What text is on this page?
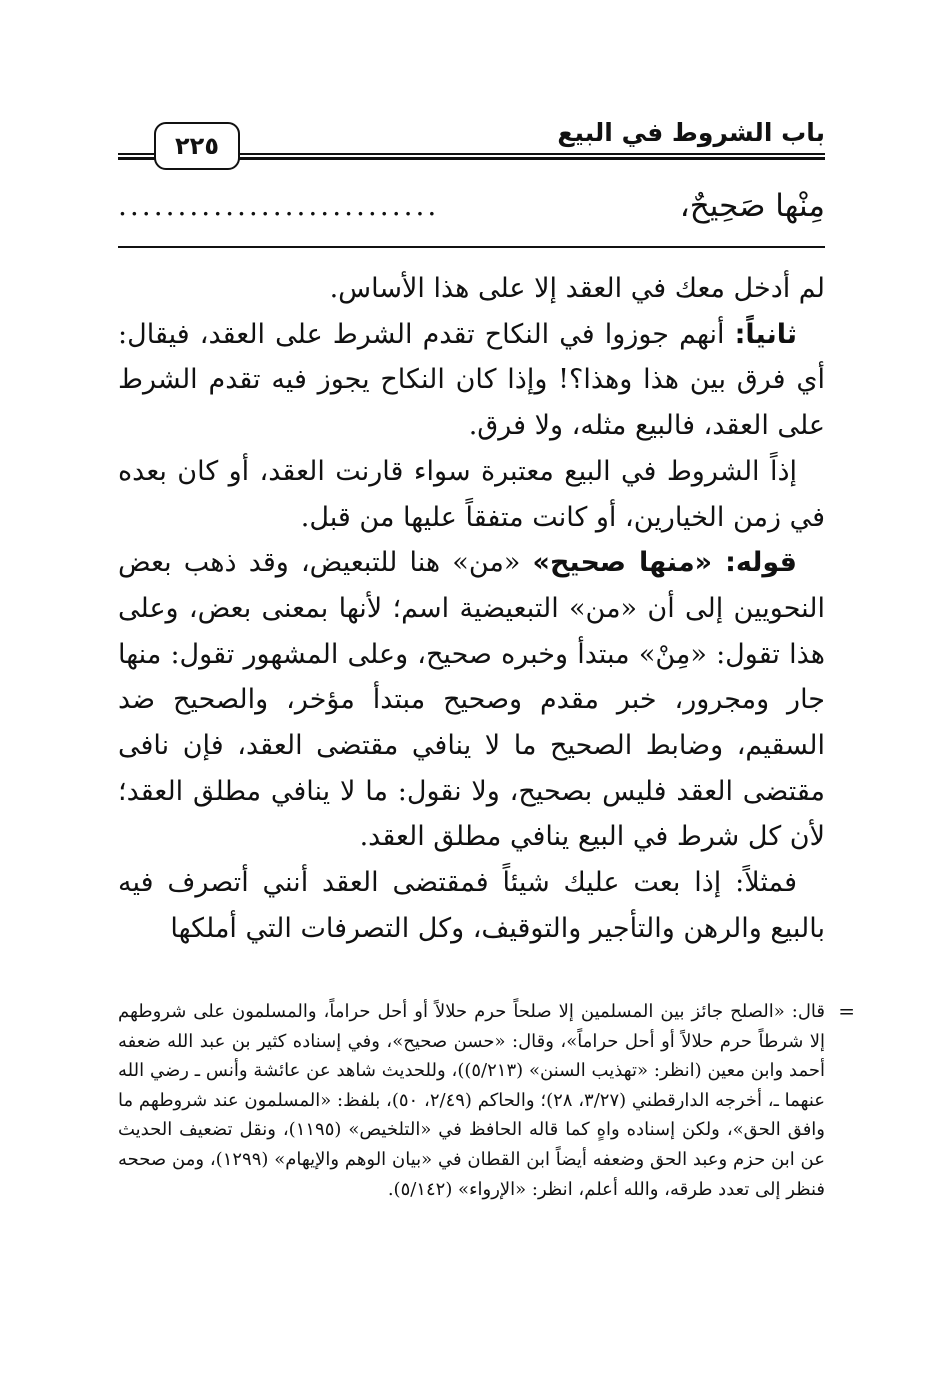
باب الشروط في البيع
٢٢٥
مِنْها صَحِيحٌ،
...........................

لم أدخل معك في العقد إلا على هذا الأساس.

ثانياً: أنهم جوزوا في النكاح تقدم الشرط على العقد، فيقال: أي فرق بين هذا وهذا؟! وإذا كان النكاح يجوز فيه تقدم الشرط على العقد، فالبيع مثله، ولا فرق.

إذاً الشروط في البيع معتبرة سواء قارنت العقد، أو كان بعده في زمن الخيارين، أو كانت متفقاً عليها من قبل.

قوله: «منها صحيح» «من» هنا للتبعيض، وقد ذهب بعض النحويين إلى أن «من» التبعيضية اسم؛ لأنها بمعنى بعض، وعلى هذا تقول: «مِنْ» مبتدأ وخبره صحيح، وعلى المشهور تقول: منها جار ومجرور، خبر مقدم وصحيح مبتدأ مؤخر، والصحيح ضد السقيم، وضابط الصحيح ما لا ينافي مقتضى العقد، فإن نافى مقتضى العقد فليس بصحيح، ولا نقول: ما لا ينافي مطلق العقد؛ لأن كل شرط في البيع ينافي مطلق العقد.

فمثلاً: إذا بعت عليك شيئاً فمقتضى العقد أنني أتصرف فيه بالبيع والرهن والتأجير والتوقيف، وكل التصرفات التي أملكها

=

قال: «الصلح جائز بين المسلمين إلا صلحاً حرم حلالاً أو أحل حراماً، والمسلمون على شروطهم إلا شرطاً حرم حلالاً أو أحل حراماً»، وقال: «حسن صحيح»، وفي إسناده كثير بن عبد الله ضعفه أحمد وابن معين (انظر: «تهذيب السنن» (٥/٢١٣))، وللحديث شاهد عن عائشة وأنس ـ رضي الله عنهما ـ، أخرجه الدارقطني (٣/٢٧، ٢٨)؛ والحاكم (٢/٤٩، ٥٠)، بلفظ: «المسلمون عند شروطهم ما وافق الحق»، ولكن إسناده واهٍ كما قاله الحافظ في «التلخيص» (١١٩٥)، ونقل تضعيف الحديث عن ابن حزم وعبد الحق وضعفه أيضاً ابن القطان في «بيان الوهم والإيهام» (١٢٩٩)، ومن صححه فنظر إلى تعدد طرقه، والله أعلم، انظر: «الإرواء» (٥/١٤٢).
